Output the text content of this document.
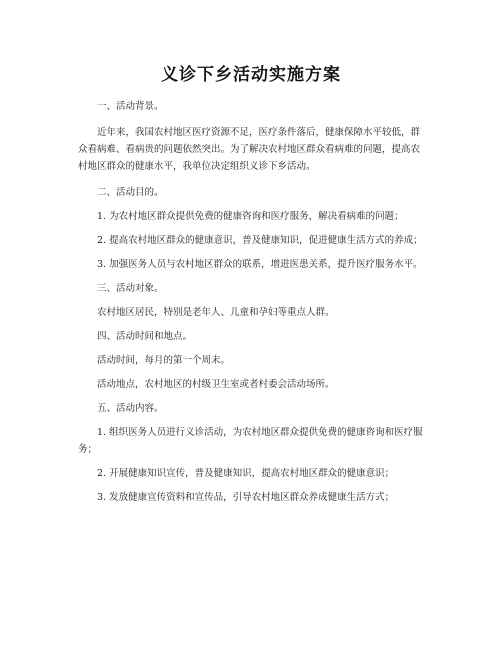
义诊下乡活动实施方案

一、活动背景。

近年来，我国农村地区医疗资源不足，医疗条件落后，健康保障水平较低，群众看病难、看病贵的问题依然突出。为了解决农村地区群众看病难的问题，提高农村地区群众的健康水平，我单位决定组织义诊下乡活动。

二、活动目的。

1. 为农村地区群众提供免费的健康咨询和医疗服务，解决看病难的问题；

2. 提高农村地区群众的健康意识，普及健康知识，促进健康生活方式的养成；

3. 加强医务人员与农村地区群众的联系，增进医患关系，提升医疗服务水平。

三、活动对象。

农村地区居民，特别是老年人、儿童和孕妇等重点人群。

四、活动时间和地点。

活动时间，每月的第一个周末。

活动地点，农村地区的村级卫生室或者村委会活动场所。

五、活动内容。

1. 组织医务人员进行义诊活动，为农村地区群众提供免费的健康咨询和医疗服务；

2. 开展健康知识宣传，普及健康知识，提高农村地区群众的健康意识；

3. 发放健康宣传资料和宣传品，引导农村地区群众养成健康生活方式；
